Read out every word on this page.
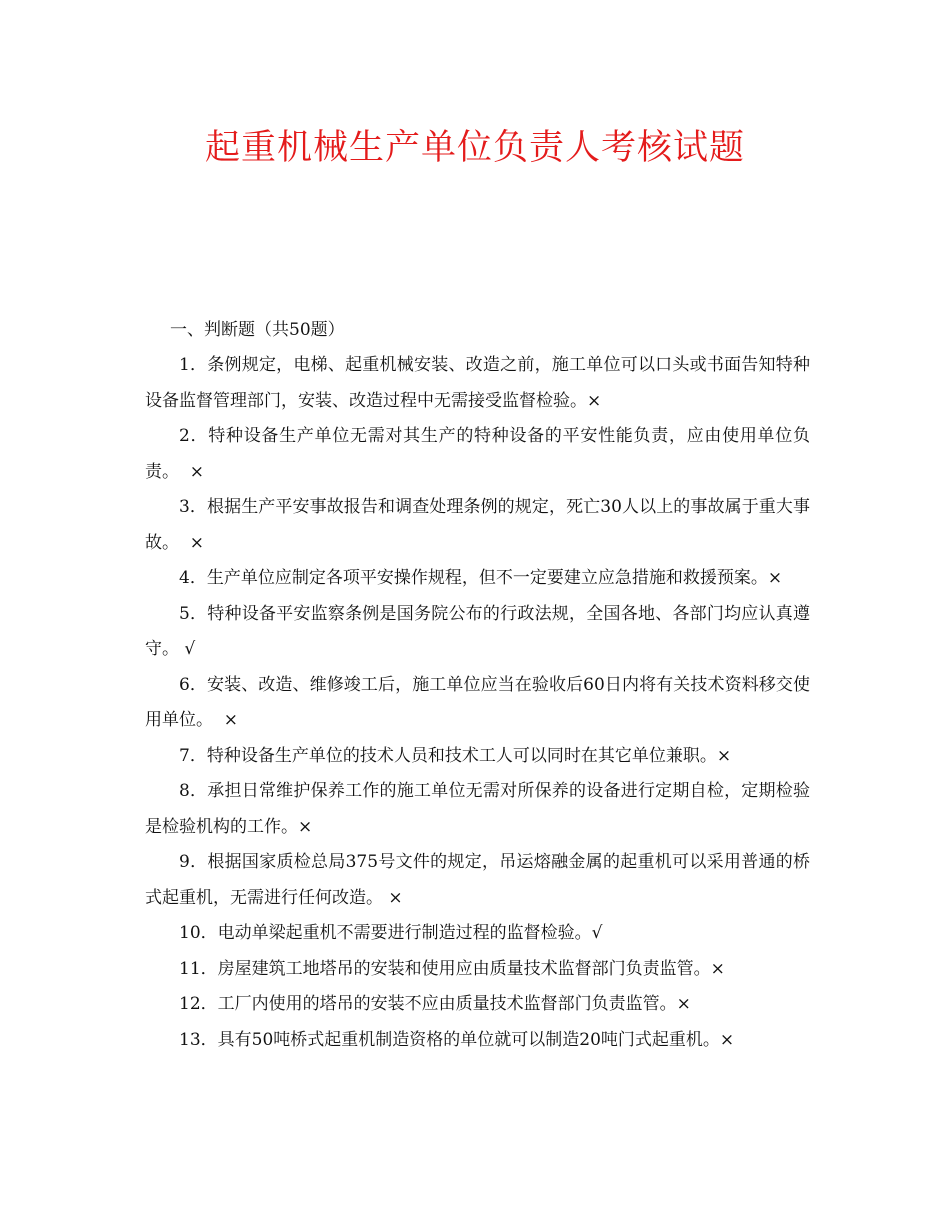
起重机械生产单位负责人考核试题
一、判断题（共50题）

1．条例规定，电梯、起重机械安装、改造之前，施工单位可以口头或书面告知特种设备监督管理部门，安装、改造过程中无需接受监督检验。×

2．特种设备生产单位无需对其生产的特种设备的平安性能负责，应由使用单位负责。  ×

3．根据生产平安事故报告和调查处理条例的规定，死亡30人以上的事故属于重大事故。  ×

4．生产单位应制定各项平安操作规程，但不一定要建立应急措施和救援预案。×

5．特种设备平安监察条例是国务院公布的行政法规，全国各地、各部门均应认真遵守。 √

6．安装、改造、维修竣工后，施工单位应当在验收后60日内将有关技术资料移交使用单位。  ×

7．特种设备生产单位的技术人员和技术工人可以同时在其它单位兼职。×

8．承担日常维护保养工作的施工单位无需对所保养的设备进行定期自检，定期检验是检验机构的工作。×

9．根据国家质检总局375号文件的规定，吊运熔融金属的起重机可以采用普通的桥式起重机，无需进行任何改造。 ×

10．电动单梁起重机不需要进行制造过程的监督检验。√

11．房屋建筑工地塔吊的安装和使用应由质量技术监督部门负责监管。×

12．工厂内使用的塔吊的安装不应由质量技术监督部门负责监管。×

13．具有50吨桥式起重机制造资格的单位就可以制造20吨门式起重机。×
